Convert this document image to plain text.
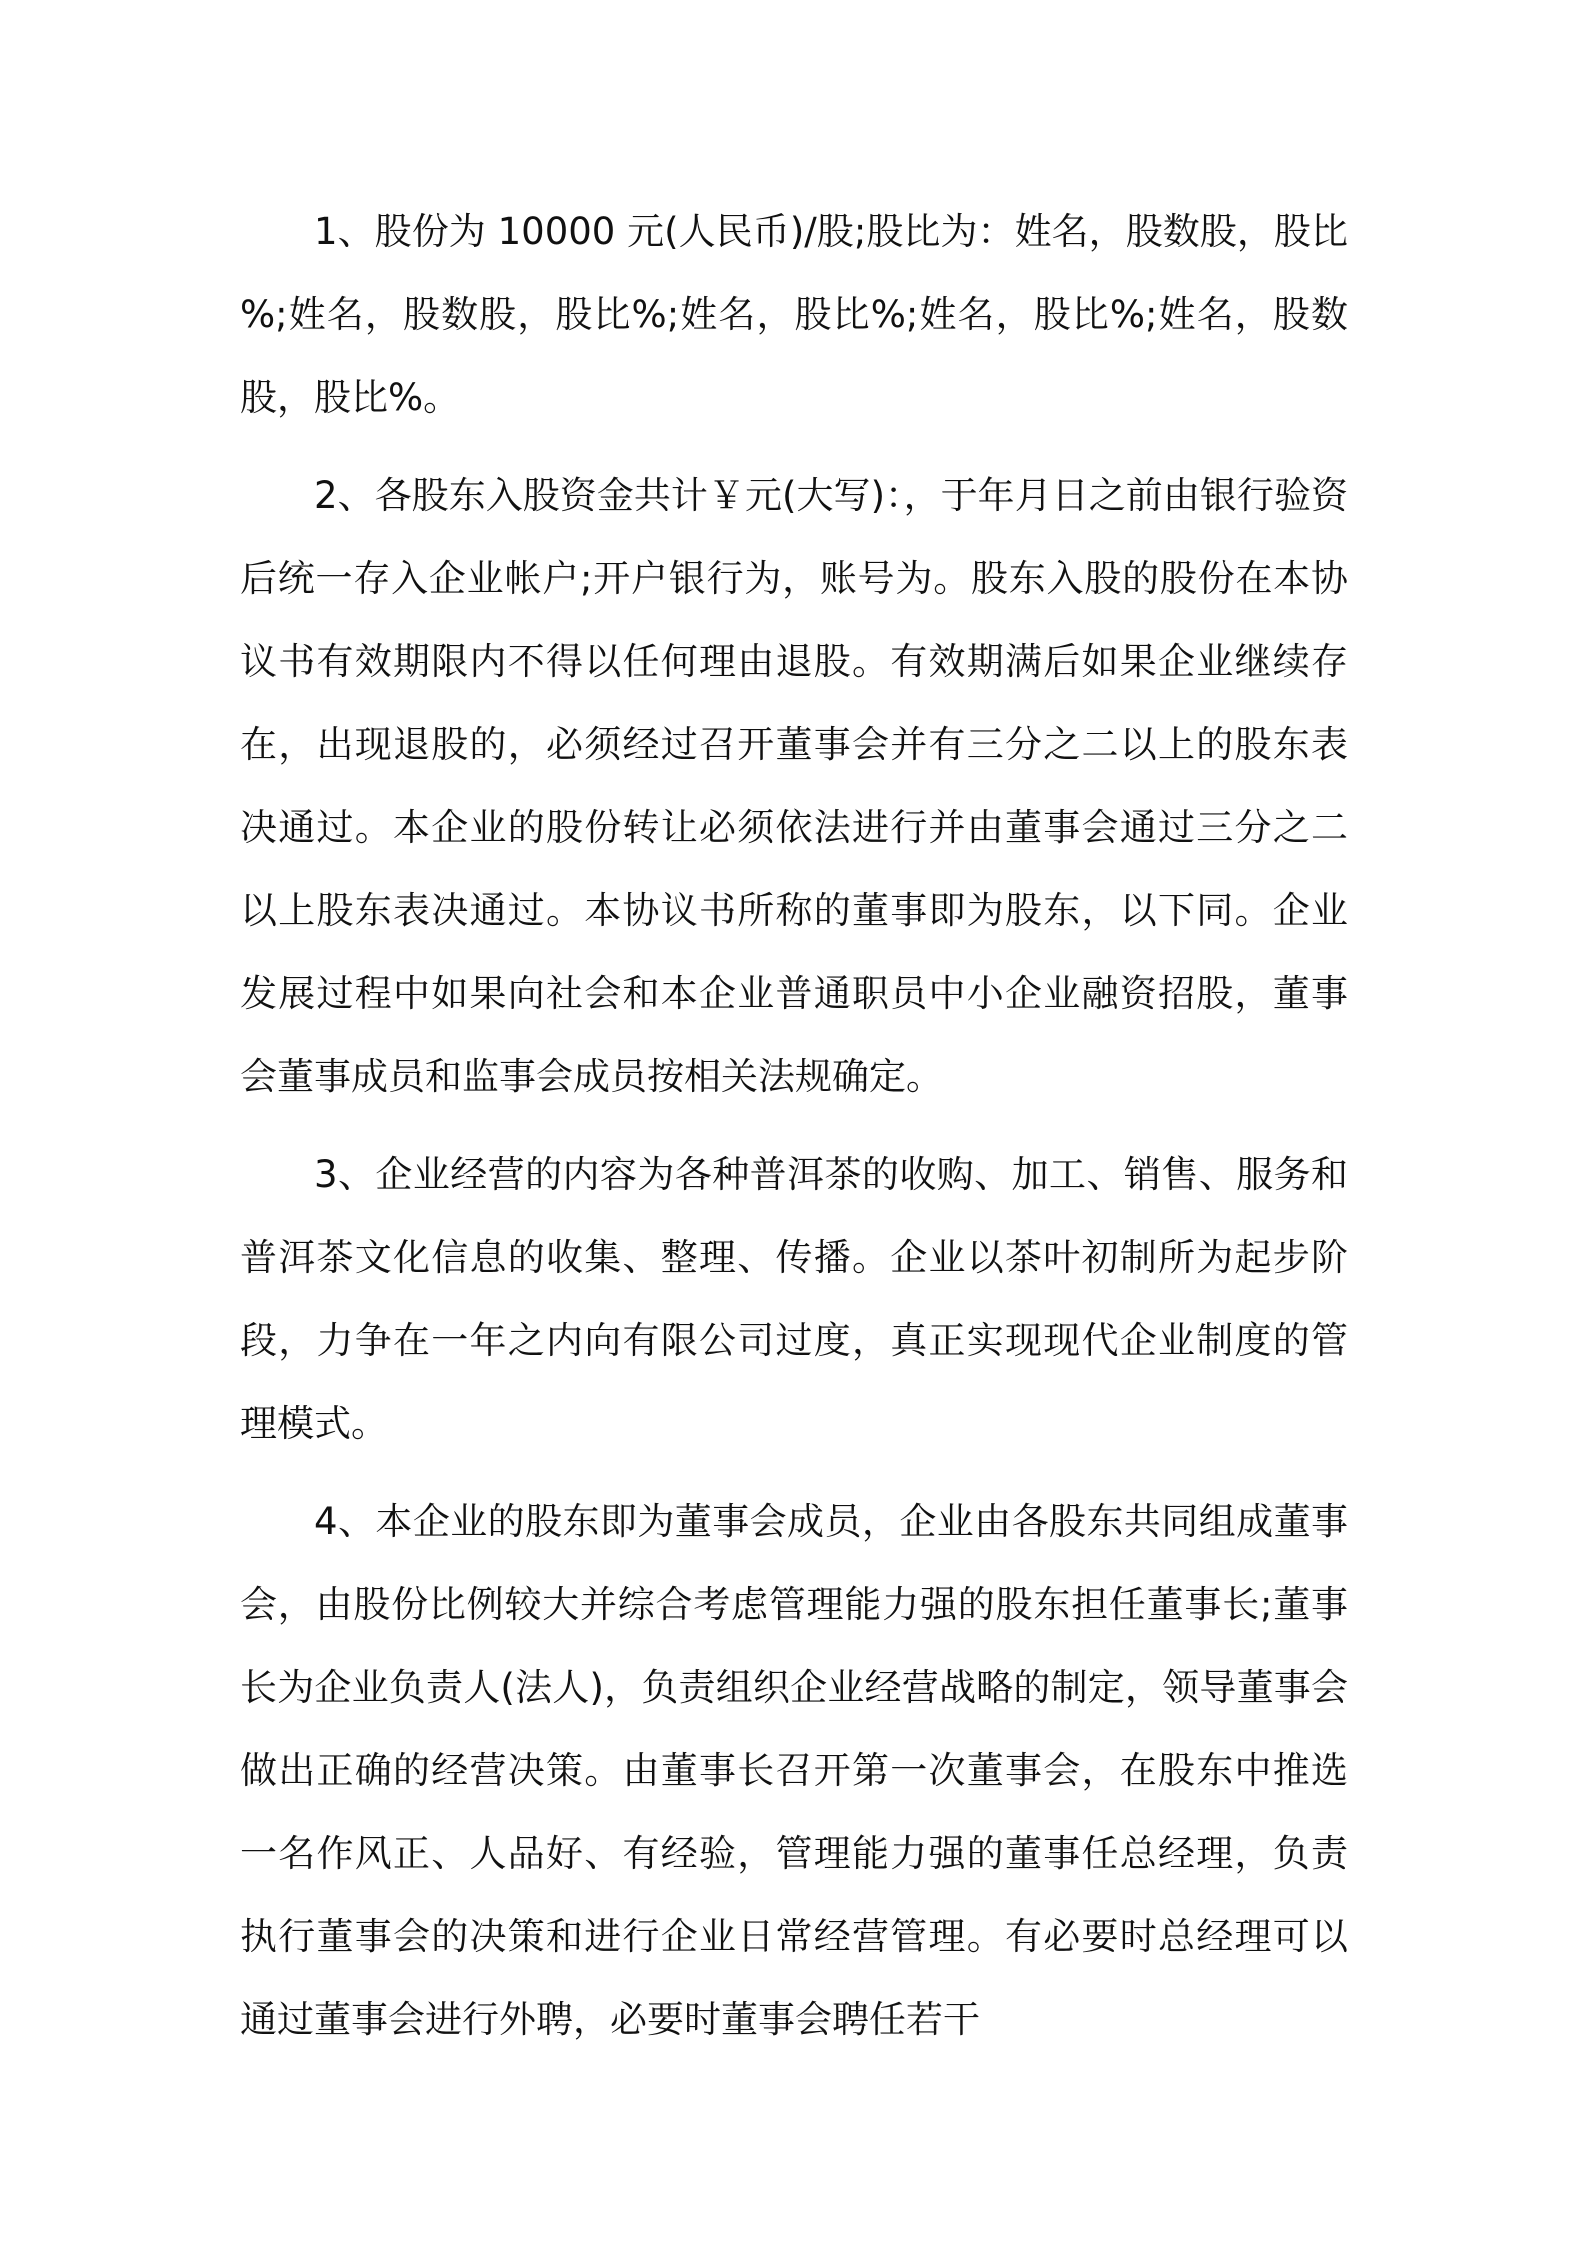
1、股份为 10000 元(人民币)/股;股比为：姓名，股数股，股比%;姓名，股数股，股比%;姓名，股比%;姓名，股比%;姓名，股数股，股比%。

2、各股东入股资金共计￥元(大写)：，于年月日之前由银行验资后统一存入企业帐户;开户银行为，账号为。股东入股的股份在本协议书有效期限内不得以任何理由退股。有效期满后如果企业继续存在，出现退股的，必须经过召开董事会并有三分之二以上的股东表决通过。本企业的股份转让必须依法进行并由董事会通过三分之二以上股东表决通过。本协议书所称的董事即为股东，以下同。企业发展过程中如果向社会和本企业普通职员中小企业融资招股，董事会董事成员和监事会成员按相关法规确定。

3、企业经营的内容为各种普洱茶的收购、加工、销售、服务和普洱茶文化信息的收集、整理、传播。企业以茶叶初制所为起步阶段，力争在一年之内向有限公司过度，真正实现现代企业制度的管理模式。

4、本企业的股东即为董事会成员，企业由各股东共同组成董事会，由股份比例较大并综合考虑管理能力强的股东担任董事长;董事长为企业负责人(法人)，负责组织企业经营战略的制定，领导董事会做出正确的经营决策。由董事长召开第一次董事会，在股东中推选一名作风正、人品好、有经验，管理能力强的董事任总经理，负责执行董事会的决策和进行企业日常经营管理。有必要时总经理可以通过董事会进行外聘，必要时董事会聘任若干
